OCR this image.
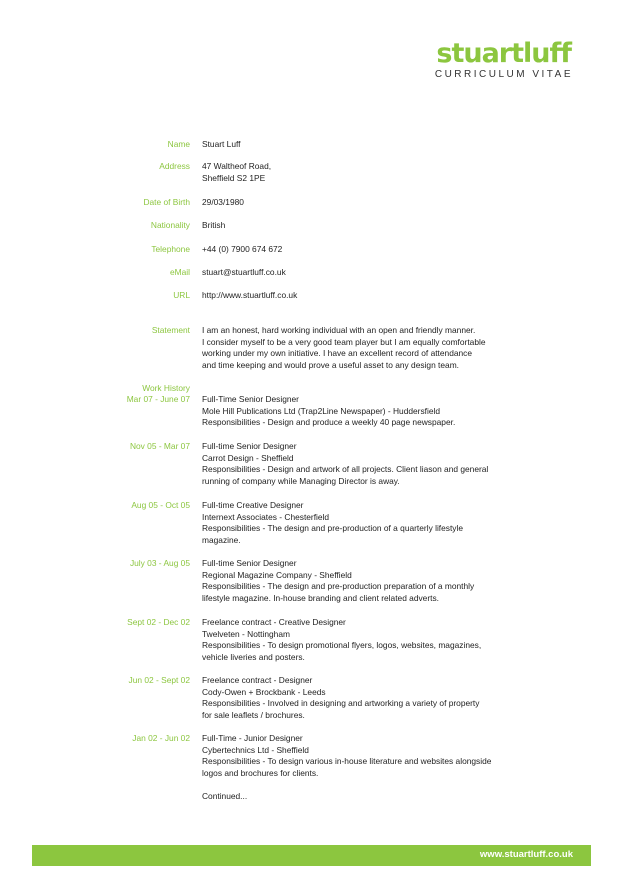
stuartluff
CURRICULUM VITAE
Name Stuart Luff
Address 47 Waltheof Road,
Sheffield S2 1PE
Date of Birth 29/03/1980
Nationality British
Telephone +44 (0) 7900 674 672
eMail stuart@stuartluff.co.uk
URL http://www.stuartluff.co.uk
Statement I am an honest, hard working individual with an open and friendly manner.
I consider myself to be a very good team player but I am equally comfortable
working under my own initiative. I have an excellent record of attendance
and time keeping and would prove a useful asset to any design team.
Work History
Mar 07 - June 07 Full-Time Senior Designer
Mole Hill Publications Ltd (Trap2Line Newspaper) - Huddersfield
Responsibilities - Design and produce a weekly 40 page newspaper.
Nov 05 - Mar 07 Full-time Senior Designer
Carrot Design - Sheffield
Responsibilities - Design and artwork of all projects. Client liason and general
running of company while Managing Director is away.
Aug 05 - Oct 05 Full-time Creative Designer
Internext Associates - Chesterfield
Responsibilities - The design and pre-production of a quarterly lifestyle
magazine.
July 03 - Aug 05 Full-time Senior Designer
Regional Magazine Company - Sheffield
Responsibilities - The design and pre-production preparation of a monthly
lifestyle magazine. In-house branding and client related adverts.
Sept 02 - Dec 02 Freelance contract - Creative Designer
Twelveten - Nottingham
Responsibilities - To design promotional flyers, logos, websites, magazines,
vehicle liveries and posters.
Jun 02 - Sept 02 Freelance contract - Designer
Cody-Owen + Brockbank - Leeds
Responsibilities - Involved in designing and artworking a variety of property
for sale leaflets / brochures.
Jan 02 - Jun 02 Full-Time - Junior Designer
Cybertechnics Ltd - Sheffield
Responsibilities - To design various in-house literature and websites alongside
logos and brochures for clients.
Continued...
www.stuartluff.co.uk
